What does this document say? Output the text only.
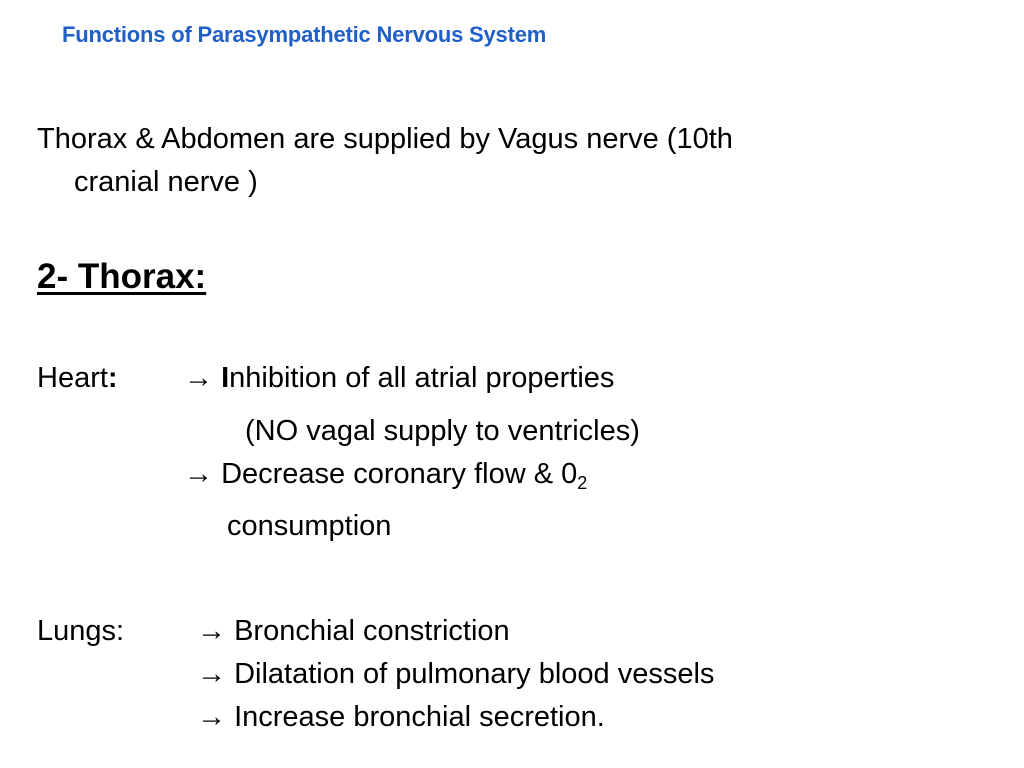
Functions of Parasympathetic Nervous System
Thorax & Abdomen are supplied by Vagus nerve (10th
cranial nerve )
2- Thorax:
Heart: → Inhibition of all atrial properties
(NO vagal supply to ventricles)
→ Decrease coronary flow & $0_2$
consumption
Lungs:	→ Bronchial constriction
→ Dilatation of pulmonary blood vessels
→ Increase bronchial secretion.
